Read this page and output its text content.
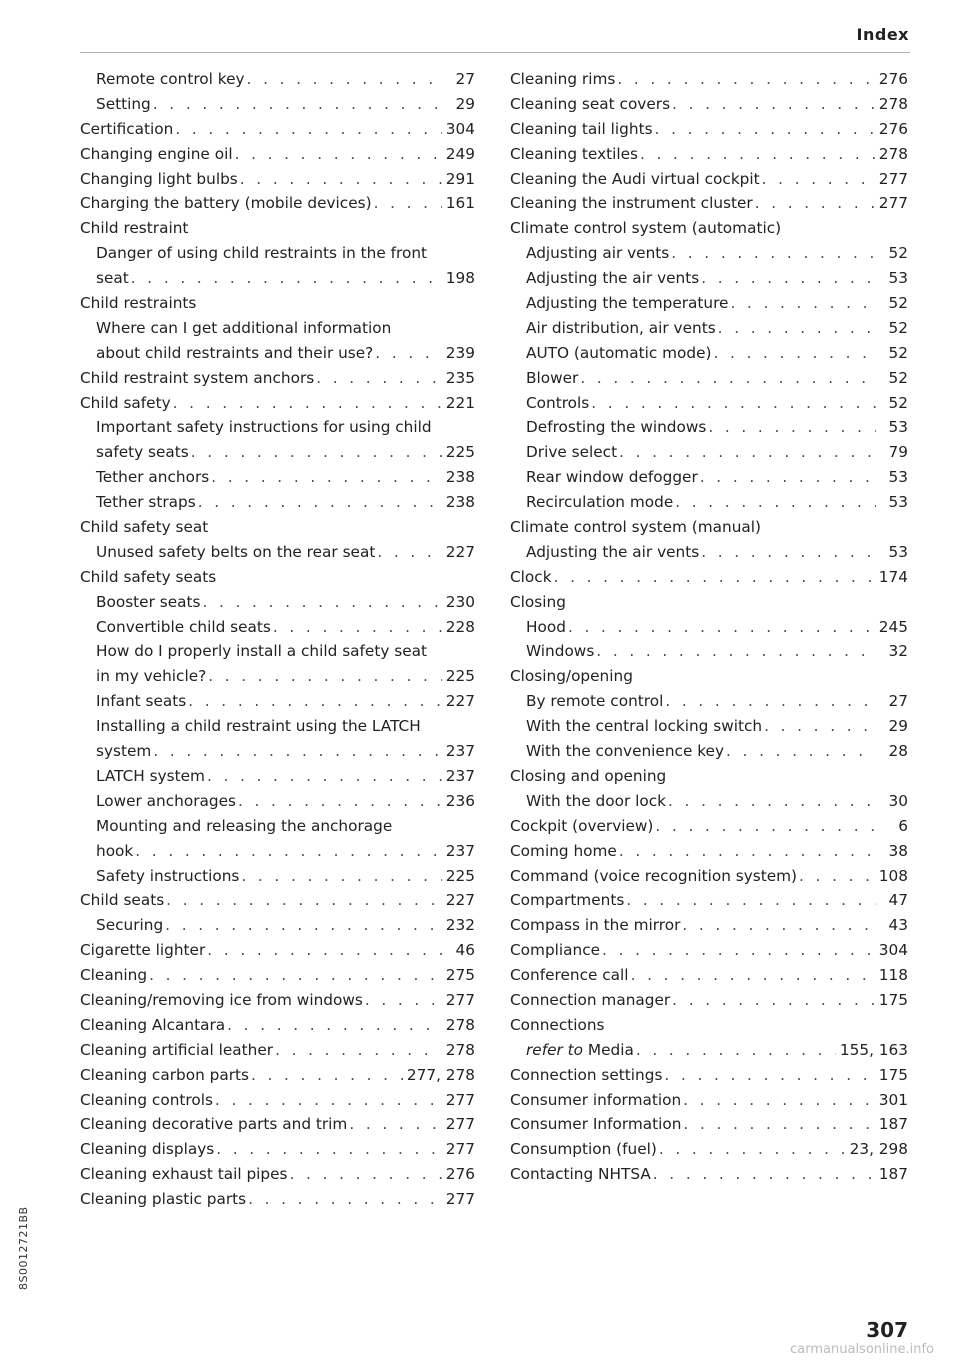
Index
Remote control key . . .	27
Setting . . .	29
Certification . . .	304
Changing engine oil . . .	249
Changing light bulbs . . .	291
Charging the battery (mobile devices) . . .	161
Child restraint
Danger of using child restraints in the front
seat . . .	198
Child restraints
Where can I get additional information
about child restraints and their use? . . .	239
Child restraint system anchors . . .	235
Child safety . . .	221
Important safety instructions for using child
safety seats . . .	225
Tether anchors . . .	238
Tether straps . . .	238
Child safety seat
Unused safety belts on the rear seat . . .	227
Child safety seats
Booster seats . . .	230
Convertible child seats . . .	228
How do I properly install a child safety seat
in my vehicle? . . .	225
Infant seats . . .	227
Installing a child restraint using the LATCH
system . . .	237
LATCH system . . .	237
Lower anchorages . . .	236
Mounting and releasing the anchorage
hook . . .	237
Safety instructions . . .	225
Child seats . . .	227
Securing . . .	232
Cigarette lighter . . .	46
Cleaning . . .	275
Cleaning/removing ice from windows . . .	277
Cleaning Alcantara . . .	278
Cleaning artificial leather . . .	278
Cleaning carbon parts . . .	277, 278
Cleaning controls . . .	277
Cleaning decorative parts and trim . . .	277
Cleaning displays . . .	277
Cleaning exhaust tail pipes . . .	276
Cleaning plastic parts . . .	277
Cleaning rims . . .	276
Cleaning seat covers . . .	278
Cleaning tail lights . . .	276
Cleaning textiles . . .	278
Cleaning the Audi virtual cockpit . . .	277
Cleaning the instrument cluster . . .	277
Climate control system (automatic)
Adjusting air vents . . .	52
Adjusting the air vents . . .	53
Adjusting the temperature . . .	52
Air distribution, air vents . . .	52
AUTO (automatic mode) . . .	52
Blower . . .	52
Controls . . .	52
Defrosting the windows . . .	53
Drive select . . .	79
Rear window defogger . . .	53
Recirculation mode . . .	53
Climate control system (manual)
Adjusting the air vents . . .	53
Clock . . .	174
Closing
Hood . . .	245
Windows . . .	32
Closing/opening
By remote control . . .	27
With the central locking switch . . .	29
With the convenience key . . .	28
Closing and opening
With the door lock . . .	30
Cockpit (overview) . . .	6
Coming home . . .	38
Command (voice recognition system) . . .	108
Compartments . . .	47
Compass in the mirror . . .	43
Compliance . . .	304
Conference call . . .	118
Connection manager . . .	175
Connections
refer to Media . . .	155, 163
Connection settings . . .	175
Consumer information . . .	301
Consumer Information . . .	187
Consumption (fuel) . . .	23, 298
Contacting NHTSA . . .	187
8S0012721BB
307
carmanualsonline.info
